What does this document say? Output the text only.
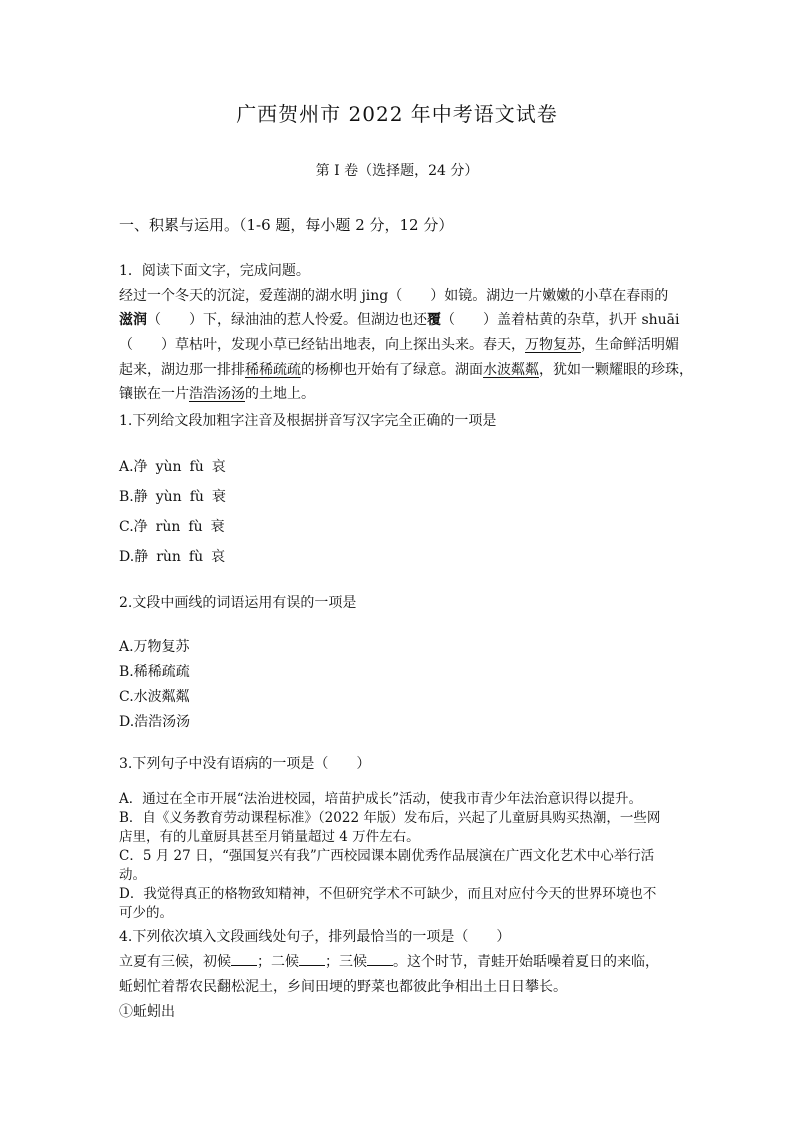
广西贺州市 2022 年中考语文试卷
第 I 卷（选择题，24 分）
一、积累与运用。（1-6 题，每小题 2 分，12 分）
1．阅读下面文字，完成问题。
经过一个冬天的沉淀，爱莲湖的湖水明 jing（　　）如镜。湖边一片嫩嫩的小草在春雨的
滋润（　　）下，绿油油的惹人怜爱。但湖边也还覆（　　）盖着枯黄的杂草，扒开 shuāi
（　　）草枯叶，发现小草已经钻出地表，向上探出头来。春天，万物复苏，生命鲜活明媚
起来，湖边那一排排稀稀疏疏的杨柳也开始有了绿意。湖面水波粼粼，犹如一颗耀眼的珍珠，
镶嵌在一片浩浩汤汤的土地上。
1.下列给文段加粗字注音及根据拼音写汉字完全正确的一项是
A.净 yùn fù 哀
B.静 yùn fù 衰
C.净 rùn fù 衰
D.静 rùn fù 哀
2.文段中画线的词语运用有误的一项是
A.万物复苏
B.稀稀疏疏
C.水波粼粼
D.浩浩汤汤
3.下列句子中没有语病的一项是（　　）
A．通过在全市开展“法治进校园，培苗护成长”活动，使我市青少年法治意识得以提升。
B．自《义务教育劳动课程标准》（2022 年版）发布后，兴起了儿童厨具购买热潮，一些网
店里，有的儿童厨具甚至月销量超过 4 万件左右。
C．5 月 27 日，“强国复兴有我”广西校园课本剧优秀作品展演在广西文化艺术中心举行活动。
D．我觉得真正的格物致知精神，不但研究学术不可缺少，而且对应付今天的世界环境也不
可少的。
4.下列依次填入文段画线处句子，排列最恰当的一项是（　　）
立夏有三候，初候 ；二候 ；三候 。这个时节，青蛙开始聒噪着夏日的来临，
蚯蚓忙着帮农民翻松泥土，乡间田埂的野菜也都彼此争相出土日日攀长。
①蚯蚓出
